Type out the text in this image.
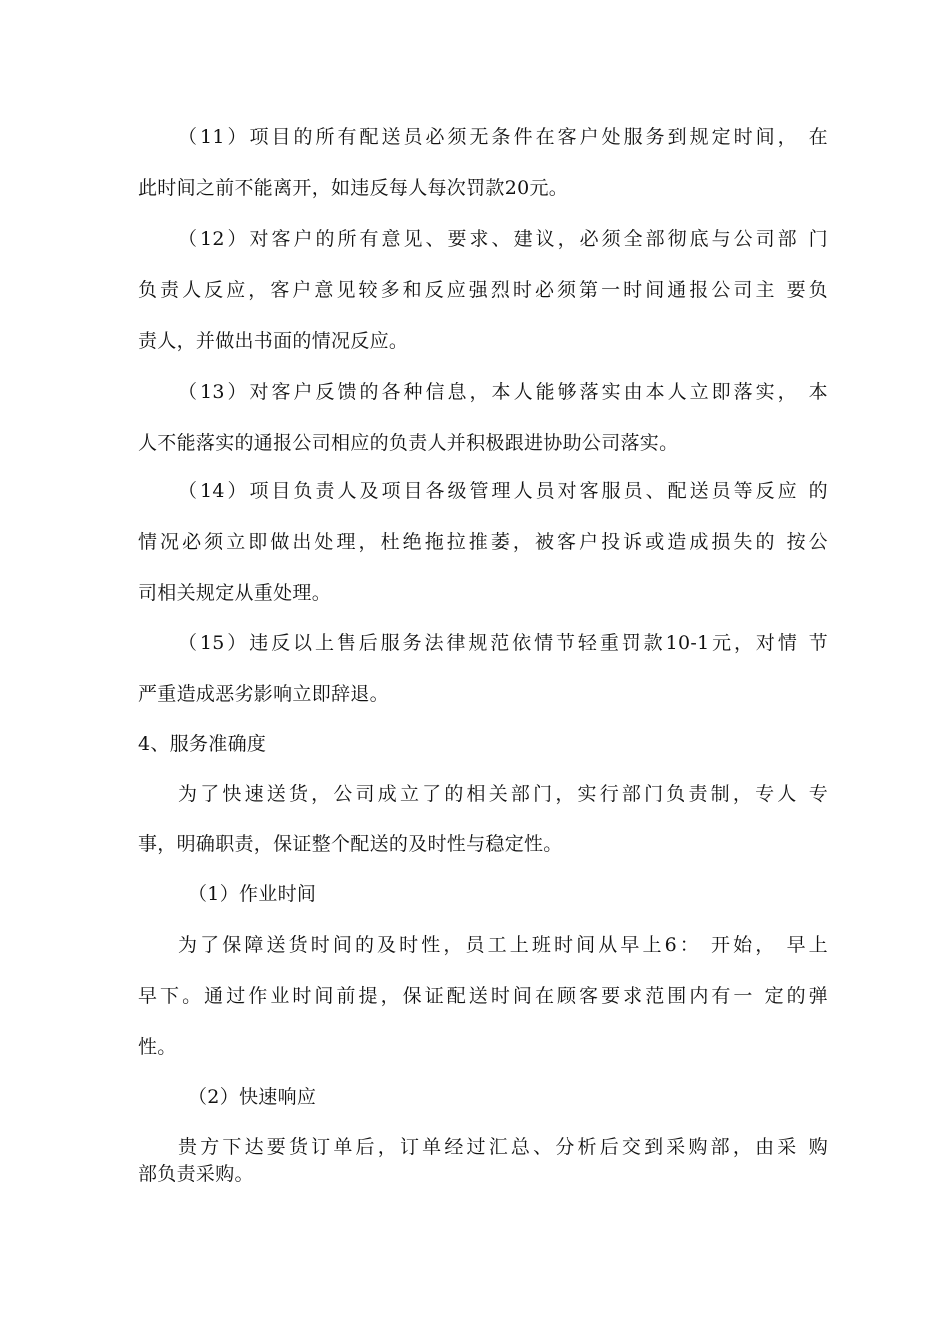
（11）项目的所有配送员必须无条件在客户处服务到规定时间， 在
此时间之前不能离开，如违反每人每次罚款20元。
（12）对客户的所有意见、要求、建议，必须全部彻底与公司部 门
负责人反应，客户意见较多和反应强烈时必须第一时间通报公司主 要负
责人，并做出书面的情况反应。
（13）对客户反馈的各种信息，本人能够落实由本人立即落实， 本
人不能落实的通报公司相应的负责人并积极跟进协助公司落实。
（14）项目负责人及项目各级管理人员对客服员、配送员等反应 的
情况必须立即做出处理，杜绝拖拉推萎，被客户投诉或造成损失的 按公
司相关规定从重处理。
（15）违反以上售后服务法律规范依情节轻重罚款10-1元，对情 节
严重造成恶劣影响立即辞退。
4、服务准确度
为了快速送货，公司成立了的相关部门，实行部门负责制，专人 专
事，明确职责，保证整个配送的及时性与稳定性。
（1）作业时间
为了保障送货时间的及时性，员工上班时间从早上6： 开始， 早上
早下。通过作业时间前提，保证配送时间在顾客要求范围内有一 定的弹
性。
（2）快速响应
贵方下达要货订单后，订单经过汇总、分析后交到采购部，由采 购
部负责采购。
